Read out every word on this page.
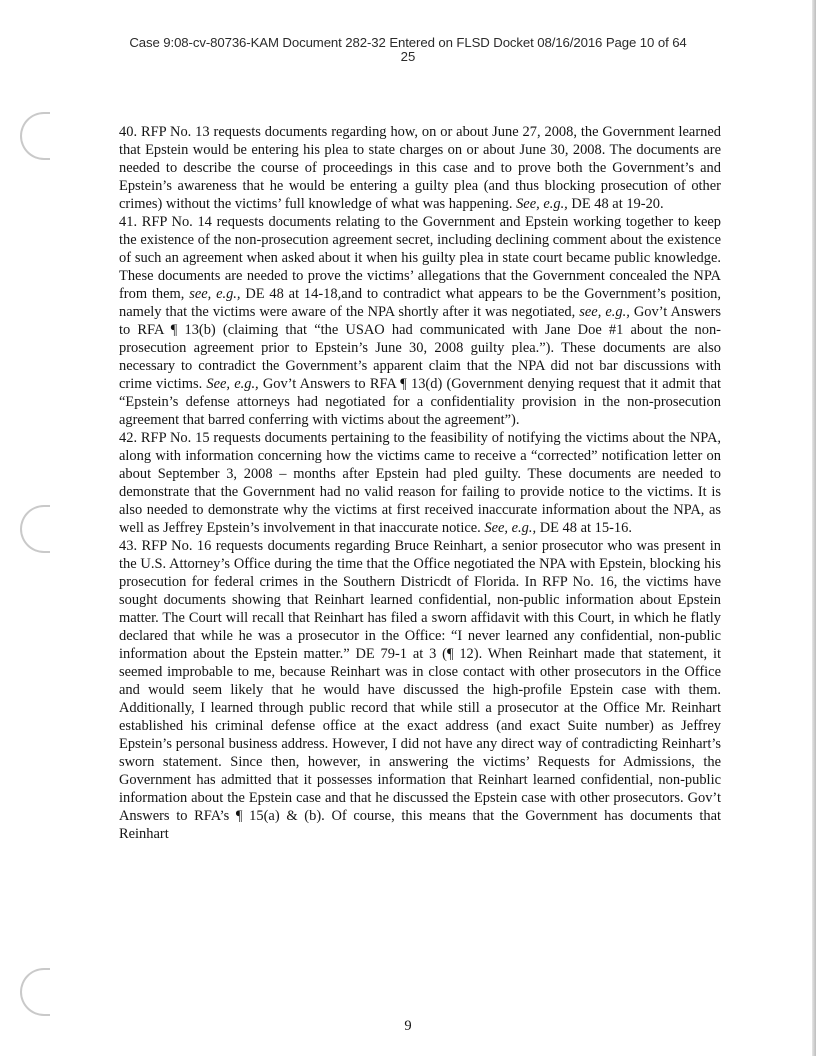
Case 9:08-cv-80736-KAM Document 282-32 Entered on FLSD Docket 08/16/2016 Page 10 of 64
25

40. RFP No. 13 requests documents regarding how, on or about June 27, 2008, the Government learned that Epstein would be entering his plea to state charges on or about June 30, 2008. The documents are needed to describe the course of proceedings in this case and to prove both the Government’s and Epstein’s awareness that he would be entering a guilty plea (and thus blocking prosecution of other crimes) without the victims’ full knowledge of what was happening. See, e.g., DE 48 at 19-20.

41. RFP No. 14 requests documents relating to the Government and Epstein working together to keep the existence of the non-prosecution agreement secret, including declining comment about the existence of such an agreement when asked about it when his guilty plea in state court became public knowledge. These documents are needed to prove the victims’ allegations that the Government concealed the NPA from them, see, e.g., DE 48 at 14-18,and to contradict what appears to be the Government’s position, namely that the victims were aware of the NPA shortly after it was negotiated, see, e.g., Gov’t Answers to RFA ¶ 13(b) (claiming that “the USAO had communicated with Jane Doe #1 about the non-prosecution agreement prior to Epstein’s June 30, 2008 guilty plea.”). These documents are also necessary to contradict the Government’s apparent claim that the NPA did not bar discussions with crime victims. See, e.g., Gov’t Answers to RFA ¶ 13(d) (Government denying request that it admit that “Epstein’s defense attorneys had negotiated for a confidentiality provision in the non-prosecution agreement that barred conferring with victims about the agreement”).

42. RFP No. 15 requests documents pertaining to the feasibility of notifying the victims about the NPA, along with information concerning how the victims came to receive a “corrected” notification letter on about September 3, 2008 – months after Epstein had pled guilty. These documents are needed to demonstrate that the Government had no valid reason for failing to provide notice to the victims. It is also needed to demonstrate why the victims at first received inaccurate information about the NPA, as well as Jeffrey Epstein’s involvement in that inaccurate notice. See, e.g., DE 48 at 15-16.

43. RFP No. 16 requests documents regarding Bruce Reinhart, a senior prosecutor who was present in the U.S. Attorney’s Office during the time that the Office negotiated the NPA with Epstein, blocking his prosecution for federal crimes in the Southern Districdt of Florida. In RFP No. 16, the victims have sought documents showing that Reinhart learned confidential, non-public information about Epstein matter. The Court will recall that Reinhart has filed a sworn affidavit with this Court, in which he flatly declared that while he was a prosecutor in the Office: “I never learned any confidential, non-public information about the Epstein matter.” DE 79-1 at 3 (¶ 12). When Reinhart made that statement, it seemed improbable to me, because Reinhart was in close contact with other prosecutors in the Office and would seem likely that he would have discussed the high-profile Epstein case with them. Additionally, I learned through public record that while still a prosecutor at the Office Mr. Reinhart established his criminal defense office at the exact address (and exact Suite number) as Jeffrey Epstein’s personal business address. However, I did not have any direct way of contradicting Reinhart’s sworn statement. Since then, however, in answering the victims’ Requests for Admissions, the Government has admitted that it possesses information that Reinhart learned confidential, non-public information about the Epstein case and that he discussed the Epstein case with other prosecutors. Gov’t Answers to RFA’s ¶ 15(a) & (b). Of course, this means that the Government has documents that Reinhart

9
